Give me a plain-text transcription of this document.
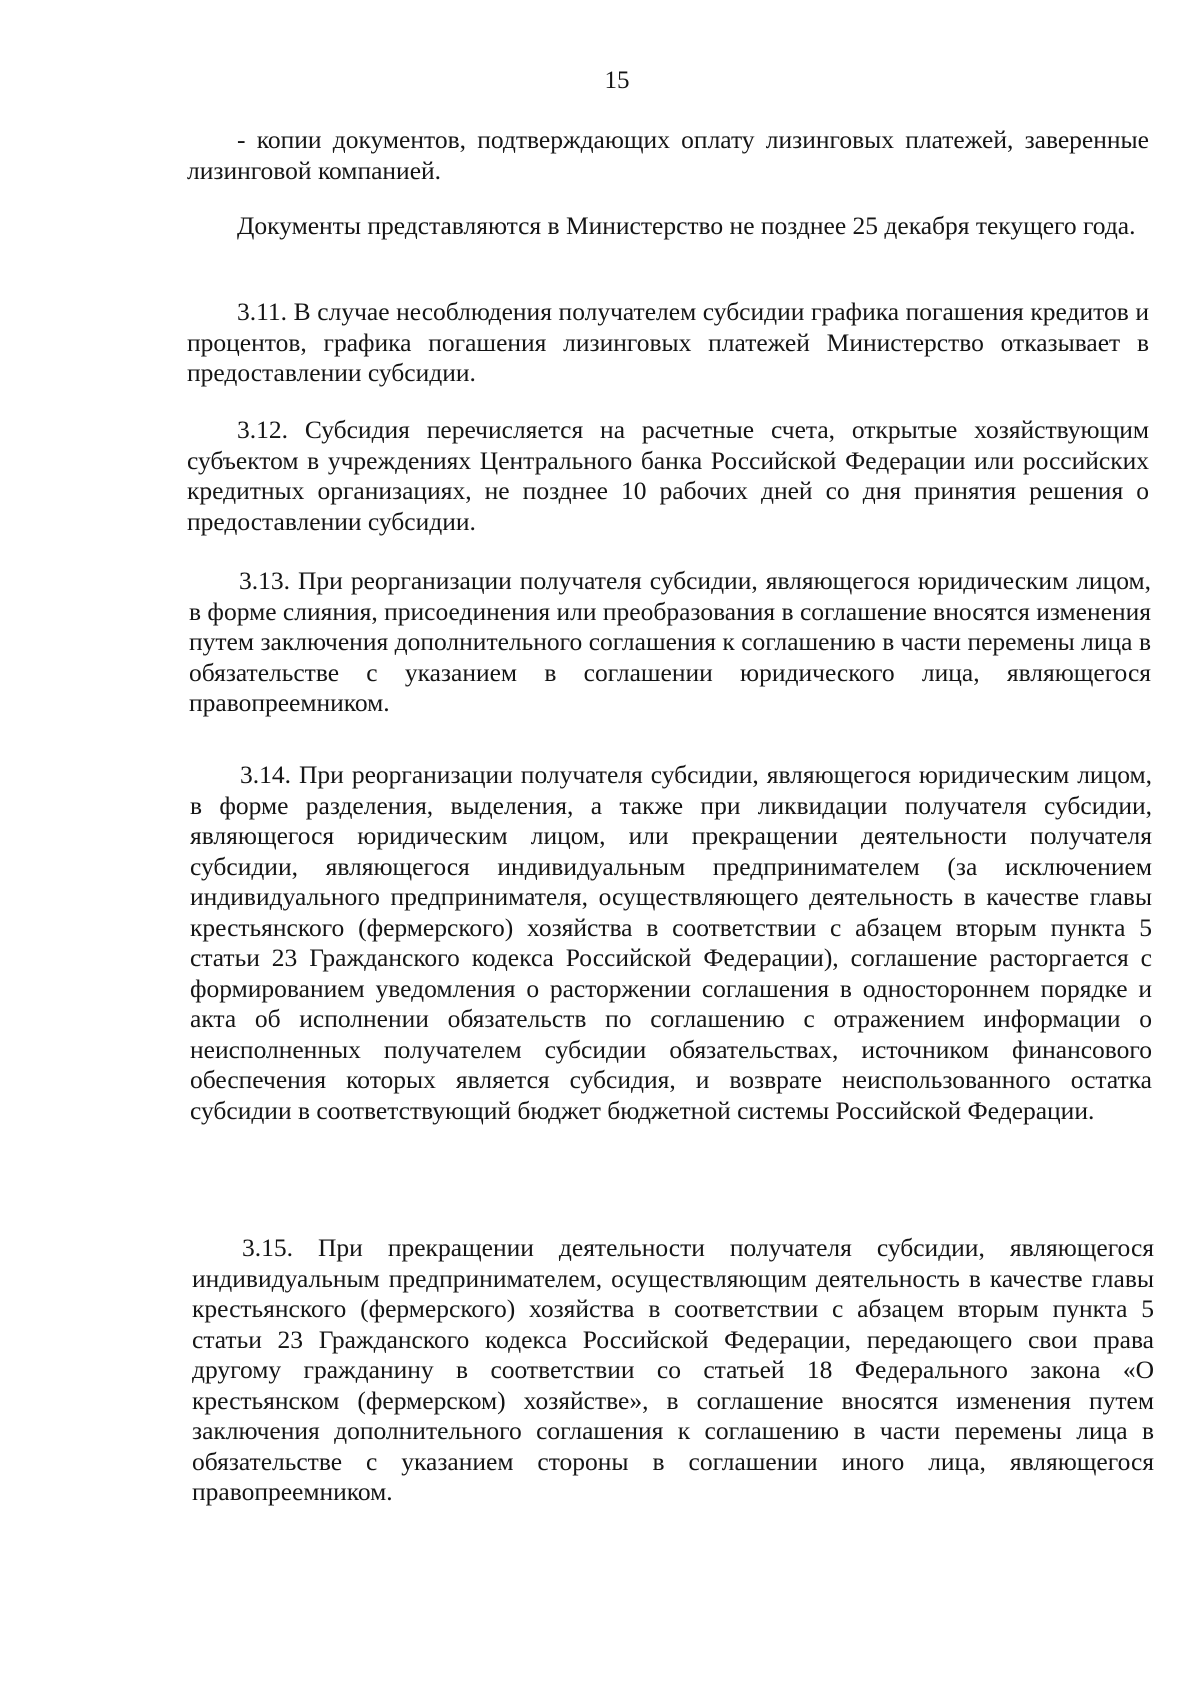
15

- копии документов, подтверждающих оплату лизинговых платежей, заверенные лизинговой компанией.

Документы представляются в Министерство не позднее 25 декабря текущего года.

3.11. В случае несоблюдения получателем субсидии графика погашения кредитов и процентов, графика погашения лизинговых платежей Министерство отказывает в предоставлении субсидии.

3.12. Субсидия перечисляется на расчетные счета, открытые хозяйствующим субъектом в учреждениях Центрального банка Российской Федерации или российских кредитных организациях, не позднее 10 рабочих дней со дня принятия решения о предоставлении субсидии.

3.13. При реорганизации получателя субсидии, являющегося юридическим лицом, в форме слияния, присоединения или преобразования в соглашение вносятся изменения путем заключения дополнительного соглашения к соглашению в части перемены лица в обязательстве с указанием в соглашении юридического лица, являющегося правопреемником.

3.14. При реорганизации получателя субсидии, являющегося юридическим лицом, в форме разделения, выделения, а также при ликвидации получателя субсидии, являющегося юридическим лицом, или прекращении деятельности получателя субсидии, являющегося индивидуальным предпринимателем (за исключением индивидуального предпринимателя, осуществляющего деятельность в качестве главы крестьянского (фермерского) хозяйства в соответствии с абзацем вторым пункта 5 статьи 23 Гражданского кодекса Российской Федерации), соглашение расторгается с формированием уведомления о расторжении соглашения в одностороннем порядке и акта об исполнении обязательств по соглашению с отражением информации о неисполненных получателем субсидии обязательствах, источником финансового обеспечения которых является субсидия, и возврате неиспользованного остатка субсидии в соответствующий бюджет бюджетной системы Российской Федерации.

3.15. При прекращении деятельности получателя субсидии, являющегося индивидуальным предпринимателем, осуществляющим деятельность в качестве главы крестьянского (фермерского) хозяйства в соответствии с абзацем вторым пункта 5 статьи 23 Гражданского кодекса Российской Федерации, передающего свои права другому гражданину в соответствии со статьей 18 Федерального закона «О крестьянском (фермерском) хозяйстве», в соглашение вносятся изменения путем заключения дополнительного соглашения к соглашению в части перемены лица в обязательстве с указанием стороны в соглашении иного лица, являющегося правопреемником.
